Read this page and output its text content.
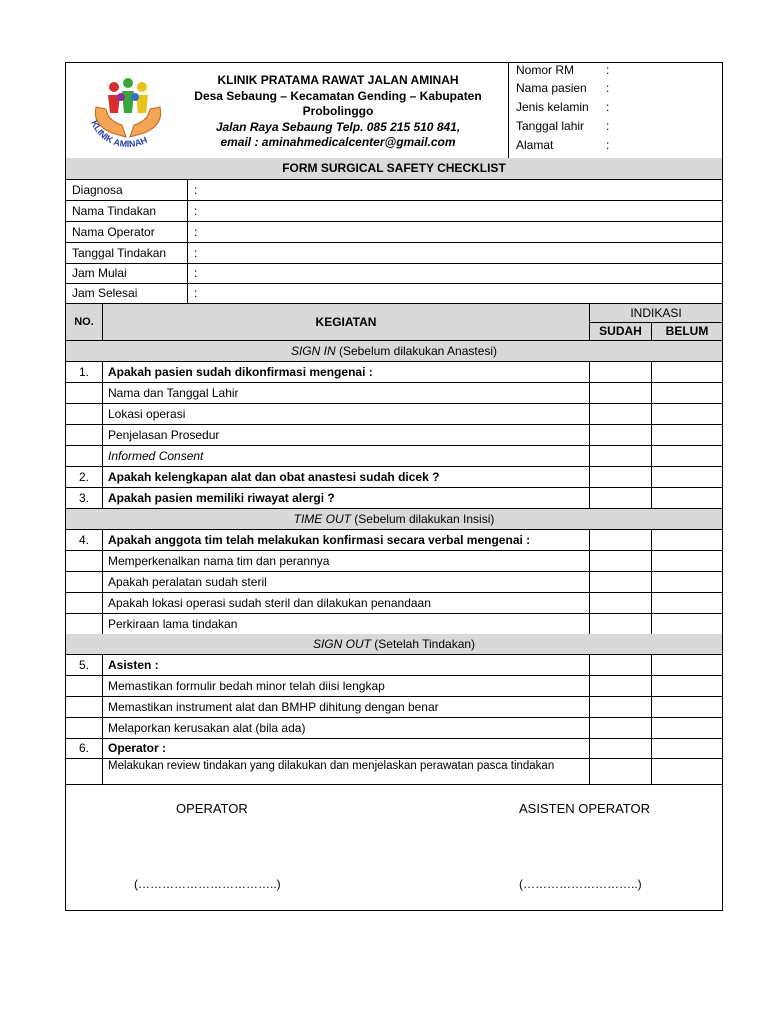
KLINIK AMINAH
KLINIK PRATAMA RAWAT JALAN AMINAH
Desa Sebaung – Kecamatan Gending – Kabupaten
Probolinggo
Jalan Raya Sebaung Telp. 085 215 510 841,
email : aminahmedicalcenter@gmail.com
Nomor RM	:
Nama pasien :
Jenis kelamin :
Tanggal lahir :
Alamat	:
FORM SURGICAL SAFETY CHECKLIST
Diagnosa	:
Nama Tindakan	:
Nama Operator	:
Tanggal Tindakan :
Jam Mulai	:
Jam Selesai	:
NO.	KEGIATAN
INDIKASI
SUDAH	BELUM
SIGN IN (Sebelum dilakukan Anastesi)
1.	Apakah pasien sudah dikonfirmasi mengenai :
Nama dan Tanggal Lahir
Lokasi operasi
Penjelasan Prosedur
Informed Consent
2.	Apakah kelengkapan alat dan obat anastesi sudah dicek ?
3.	Apakah pasien memiliki riwayat alergi ?
TIME OUT (Sebelum dilakukan Insisi)
4.	Apakah anggota tim telah melakukan konfirmasi secara verbal mengenai :
Memperkenalkan nama tim dan perannya
Apakah peralatan sudah steril
Apakah lokasi operasi sudah steril dan dilakukan penandaan
Perkiraan lama tindakan
SIGN OUT (Setelah Tindakan)
5.	Asisten :
Memastikan formulir bedah minor telah diisi lengkap
Memastikan instrument alat dan BMHP dihitung dengan benar
Melaporkan kerusakan alat (bila ada)
6.	Operator :
Melakukan review tindakan yang dilakukan dan menjelaskan perawatan pasca tindakan
OPERATOR	ASISTEN OPERATOR
(……………………………..)	(………………………..)
